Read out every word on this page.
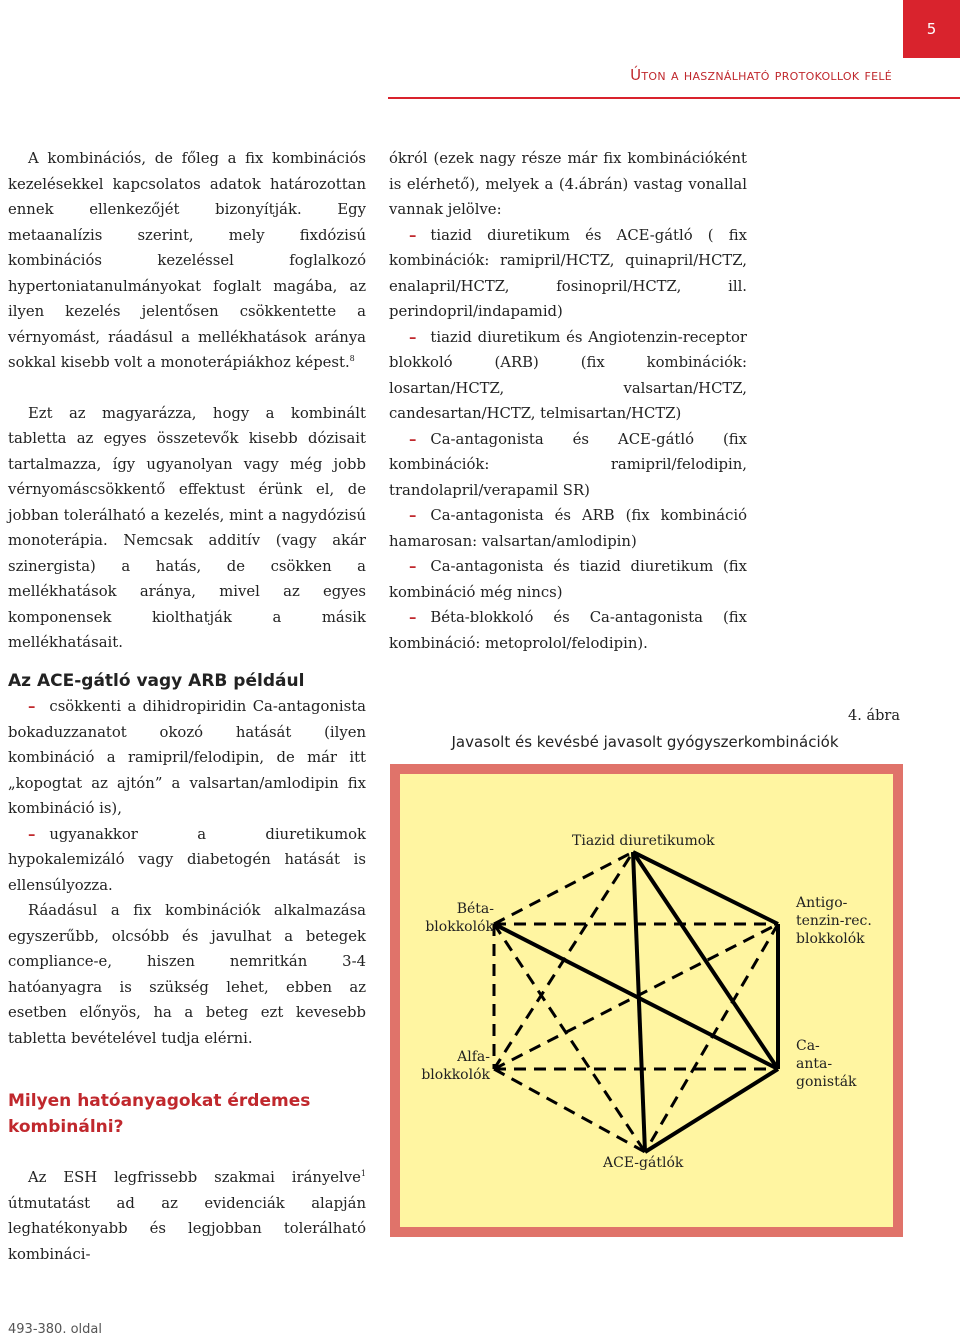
5
Úton a használható protokollok felé

A kombinációs, de főleg a fix kombinációs kezelésekkel kapcsolatos adatok határozottan ennek ellenkezőjét bizonyítják. Egy metaanalízis szerint, mely fixdózisú kombinációs kezeléssel foglalkozó hypertoniatanulmányokat foglalt magába, az ilyen kezelés jelentősen csökkentette a vérnyomást, ráadásul a mellékhatások aránya sokkal kisebb volt a monoterápiákhoz képest.$^8$

Ezt az magyarázza, hogy a kombinált tabletta az egyes összetevők kisebb dózisait tartalmazza, így ugyanolyan vagy még jobb vérnyomáscsökkentő effektust érünk el, de jobban tolerálható a kezelés, mint a nagydózisú monoterápia. Nemcsak additív (vagy akár szinergista) a hatás, de csökken a mellékhatások aránya, mivel az egyes komponensek kiolthatják a másik mellékhatásait.

Az ACE-gátló vagy ARB például

– csökkenti a dihidropiridin Ca-antagonista bokaduzzanatot okozó hatását (ilyen kombináció a ramipril/felodipin, de már itt „kopogtat az ajtón” a valsartan/amlodipin fix kombináció is),

– ugyanakkor a diuretikumok hypokalemizáló vagy diabetogén hatását is ellensúlyozza.

Ráadásul a fix kombinációk alkalmazása egyszerűbb, olcsóbb és javulhat a betegek compliance-e, hiszen nemritkán 3-4 hatóanyagra is szükség lehet, ebben az esetben előnyös, ha a beteg ezt kevesebb tabletta bevételével tudja elérni.

Milyen hatóanyagokat érdemes kombinálni?

Az ESH legfrissebb szakmai irányelve$^1$ útmutatást ad az evidenciák alapján leghatékonyabb és legjobban tolerálható kombináci-

ókról (ezek nagy része már fix kombinációként is elérhető), melyek a (4.ábrán) vastag vonallal vannak jelölve:

– tiazid diuretikum és ACE-gátló ( fix kombinációk: ramipril/HCTZ, quinapril/HCTZ, enalapril/HCTZ, fosinopril/HCTZ, ill. perindopril/indapamid)

– tiazid diuretikum és Angiotenzin-receptor blokkoló (ARB) (fix kombinációk: losartan/HCTZ, valsartan/HCTZ, candesartan/HCTZ, telmisartan/HCTZ)

– Ca-antagonista és ACE-gátló (fix kombinációk: ramipril/felodipin, trandolapril/verapamil SR)

– Ca-antagonista és ARB (fix kombináció hamarosan: valsartan/amlodipin)

– Ca-antagonista és tiazid diuretikum (fix kombináció még nincs)

– Béta-blokkoló és Ca-antagonista (fix kombináció: metoprolol/felodipin).

4. ábra
Javasolt és kevésbé javasolt gyógyszerkombinációk
Tiazid diuretikumok
Béta-
blokkolók
Antigo-
tenzin-rec.
blokkolók
Alfa-
blokkolók
Ca-
anta-
gonisták
ACE-gátlók
493-380. oldal
